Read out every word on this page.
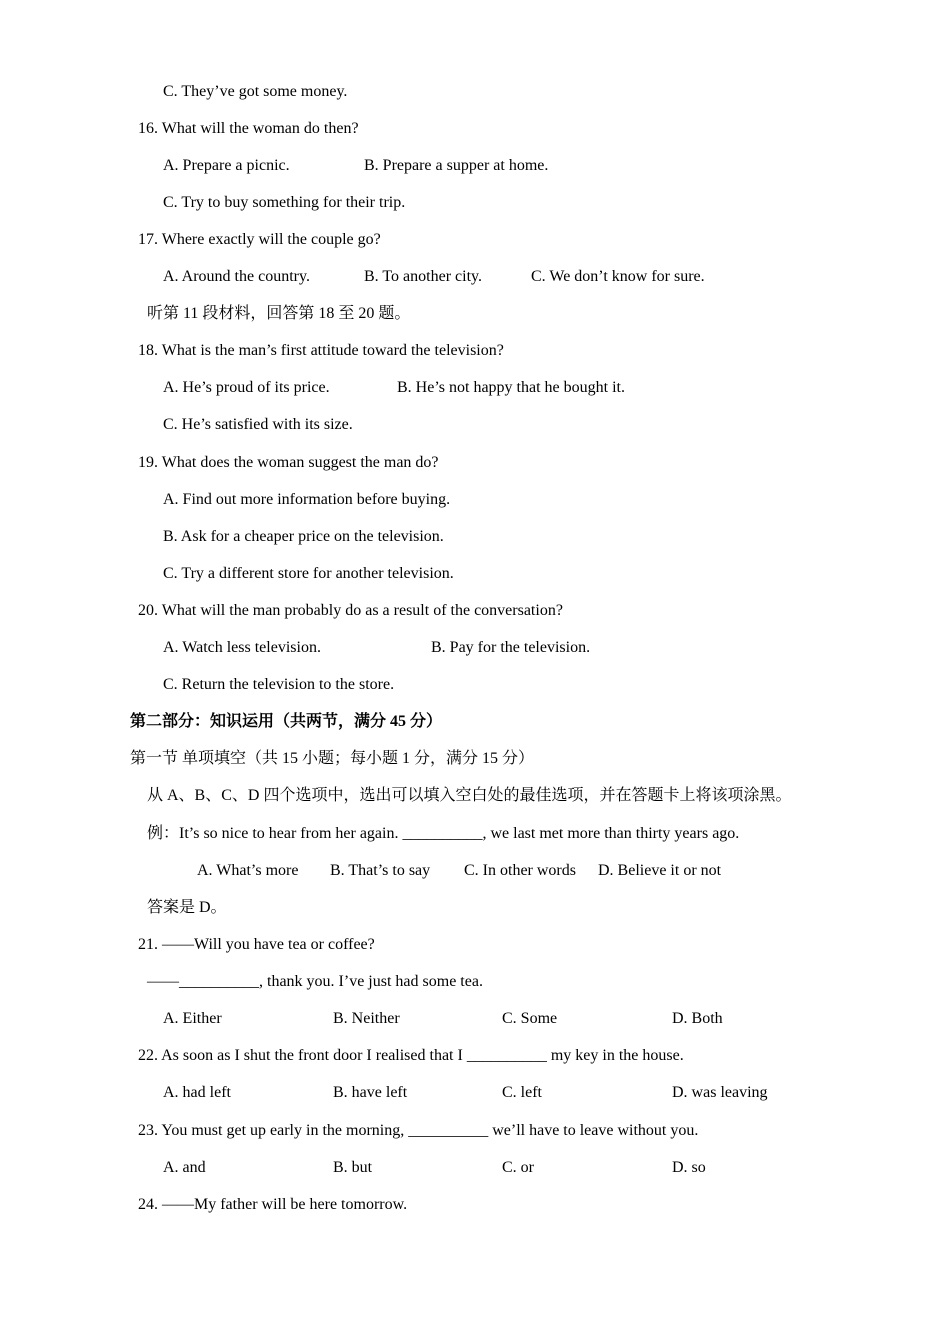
C. They’ve got some money.
16. What will the woman do then?
A. Prepare a picnic.	B. Prepare a supper at home.
C. Try to buy something for their trip.
17. Where exactly will the couple go?
A. Around the country.	B. To another city.	C. We don’t know for sure.
听第 11 段材料，回答第 18 至 20 题。
18. What is the man’s first attitude toward the television?
A. He’s proud of its price.	B. He’s not happy that he bought it.
C. He’s satisfied with its size.
19. What does the woman suggest the man do?
A. Find out more information before buying.
B. Ask for a cheaper price on the television.
C. Try a different store for another television.
20. What will the man probably do as a result of the conversation?
A. Watch less television.	B. Pay for the television.
C. Return the television to the store.
第二部分：知识运用（共两节，满分 45 分）
第一节 单项填空（共 15 小题；每小题 1 分，满分 15 分）
从 A、B、C、D 四个选项中，选出可以填入空白处的最佳选项，并在答题卡上将该项涂黑。
例：It’s so nice to hear from her again. __________, we last met more than thirty years ago.
A. What’s more B. That’s to say C. In other words D. Believe it or not
答案是 D。
21. ——Will you have tea or coffee?
——__________, thank you. I’ve just had some tea.
A. Either	B. Neither	C. Some	D. Both
22. As soon as I shut the front door I realised that I __________ my key in the house.
A. had left	B. have left	C. left	D. was leaving
23. You must get up early in the morning, __________ we’ll have to leave without you.
A. and	B. but	C. or	D. so
24. ——My father will be here tomorrow.
